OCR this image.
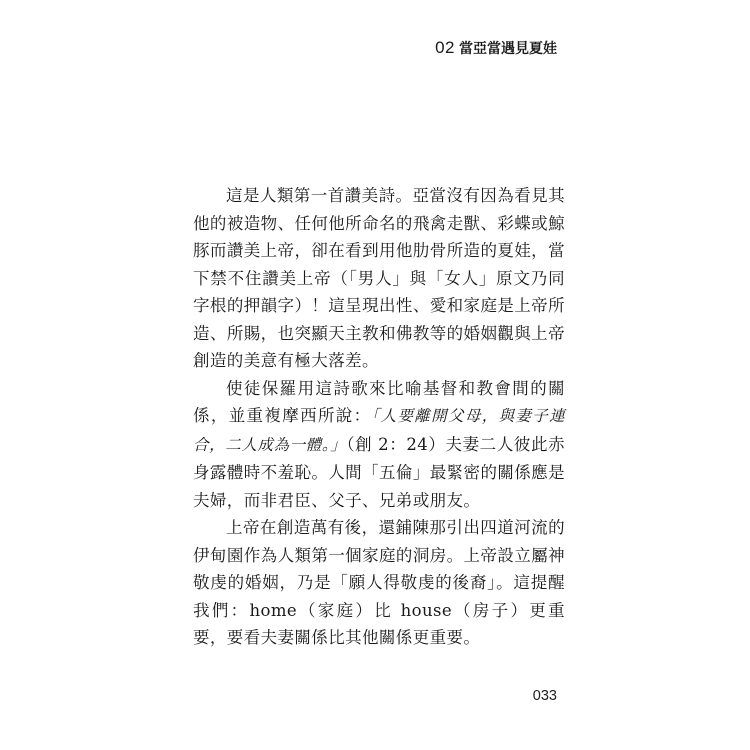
02 當亞當遇見夏娃

這是人類第一首讚美詩。亞當沒有因為看見其他的被造物、任何他所命名的飛禽走獸、彩蝶或鯨豚而讚美上帝，卻在看到用他肋骨所造的夏娃，當下禁不住讚美上帝（「男人」與「女人」原文乃同字根的押韻字）！這呈現出性、愛和家庭是上帝所造、所賜，也突顯天主教和佛教等的婚姻觀與上帝創造的美意有極大落差。

使徒保羅用這詩歌來比喻基督和教會間的關係，並重複摩西所說：「人要離開父母，與妻子連合，二人成為一體。」（創 2：24）夫妻二人彼此赤身露體時不羞恥。人間「五倫」最緊密的關係應是夫婦，而非君臣、父子、兄弟或朋友。

上帝在創造萬有後，還鋪陳那引出四道河流的伊甸園作為人類第一個家庭的洞房。上帝設立屬神敬虔的婚姻，乃是「願人得敬虔的後裔」。這提醒我們：home（家庭）比 house（房子）更重要，要看夫妻關係比其他關係更重要。

033
